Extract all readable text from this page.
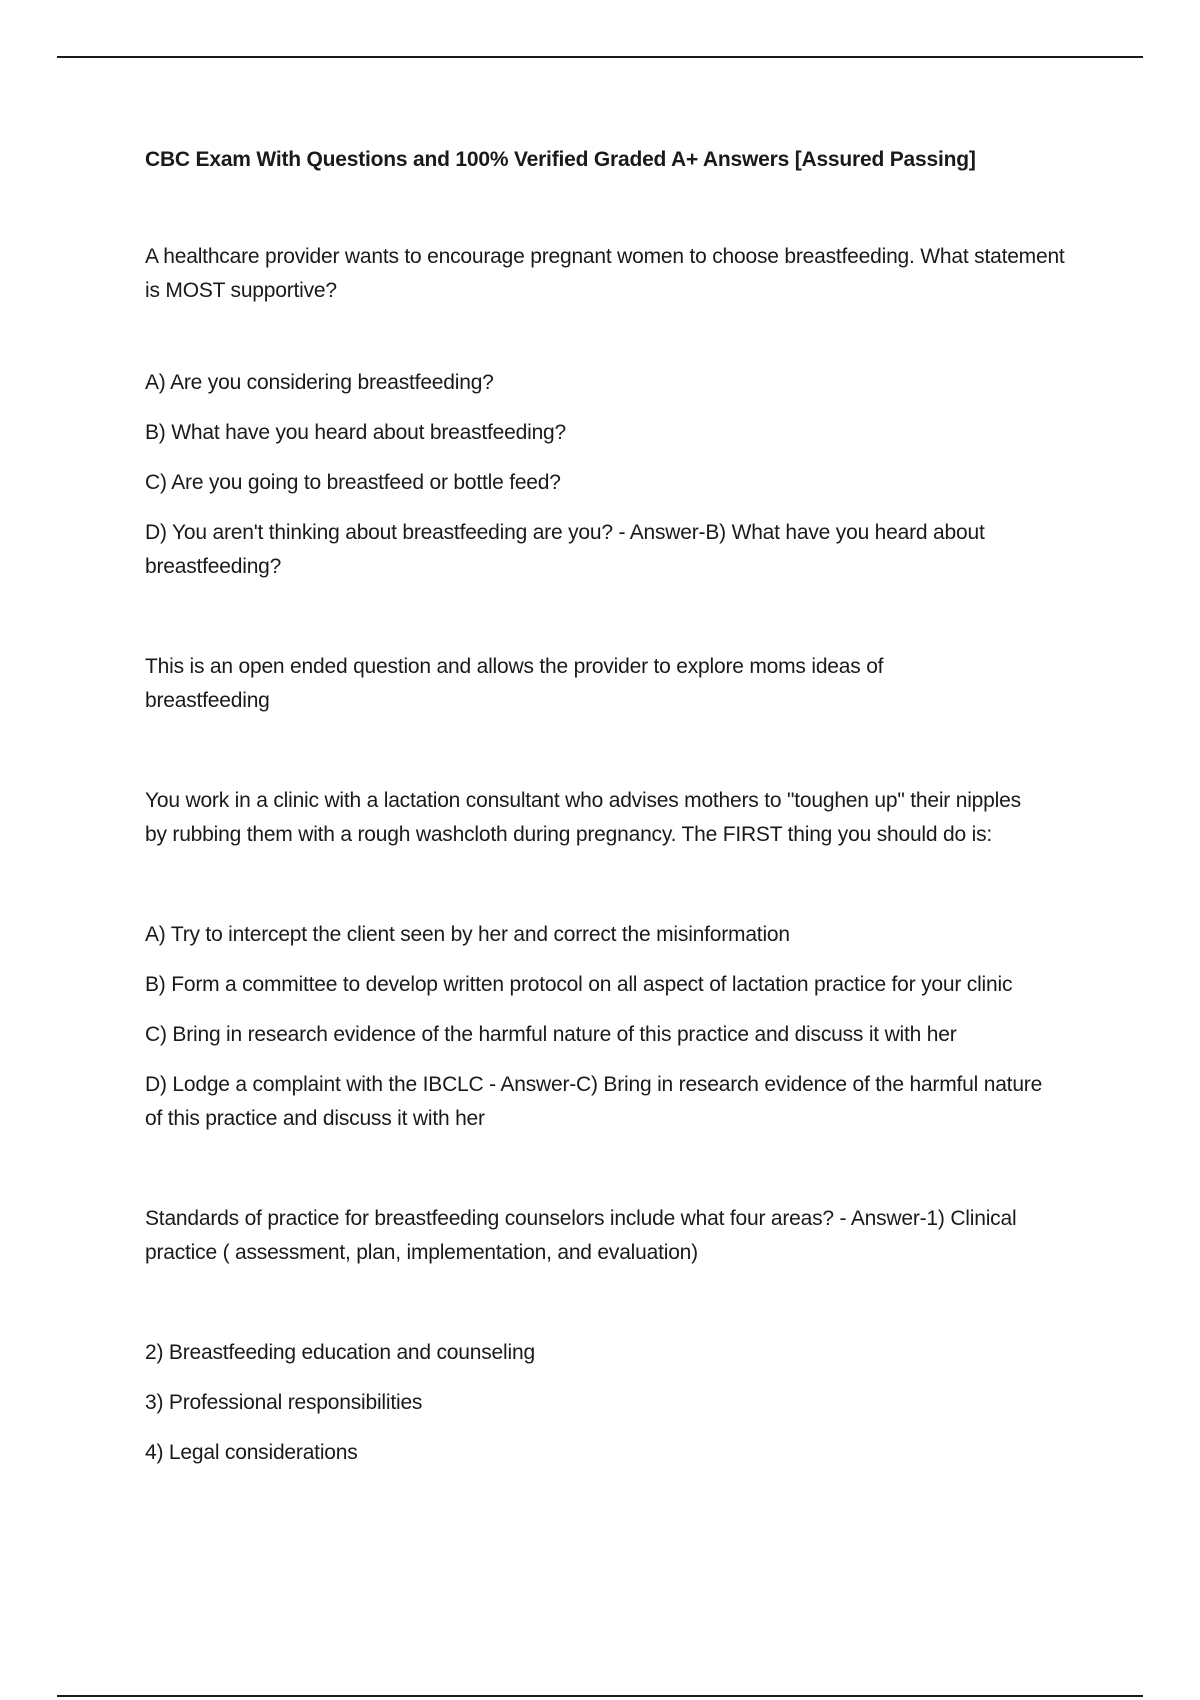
CBC Exam With Questions and 100% Verified Graded A+ Answers [Assured Passing]

A healthcare provider wants to encourage pregnant women to choose breastfeeding. What statement is MOST supportive?

A) Are you considering breastfeeding?

B) What have you heard about breastfeeding?

C) Are you going to breastfeed or bottle feed?

D) You aren't thinking about breastfeeding are you? - Answer-B) What have you heard about breastfeeding?

This is an open ended question and allows the provider to explore moms ideas of breastfeeding

You work in a clinic with a lactation consultant who advises mothers to "toughen up" their nipples by rubbing them with a rough washcloth during pregnancy. The FIRST thing you should do is:

A) Try to intercept the client seen by her and correct the misinformation

B) Form a committee to develop written protocol on all aspect of lactation practice for your clinic

C) Bring in research evidence of the harmful nature of this practice and discuss it with her

D) Lodge a complaint with the IBCLC - Answer-C) Bring in research evidence of the harmful nature of this practice and discuss it with her

Standards of practice for breastfeeding counselors include what four areas? - Answer-1) Clinical practice ( assessment, plan, implementation, and evaluation)

2) Breastfeeding education and counseling

3) Professional responsibilities

4) Legal considerations
